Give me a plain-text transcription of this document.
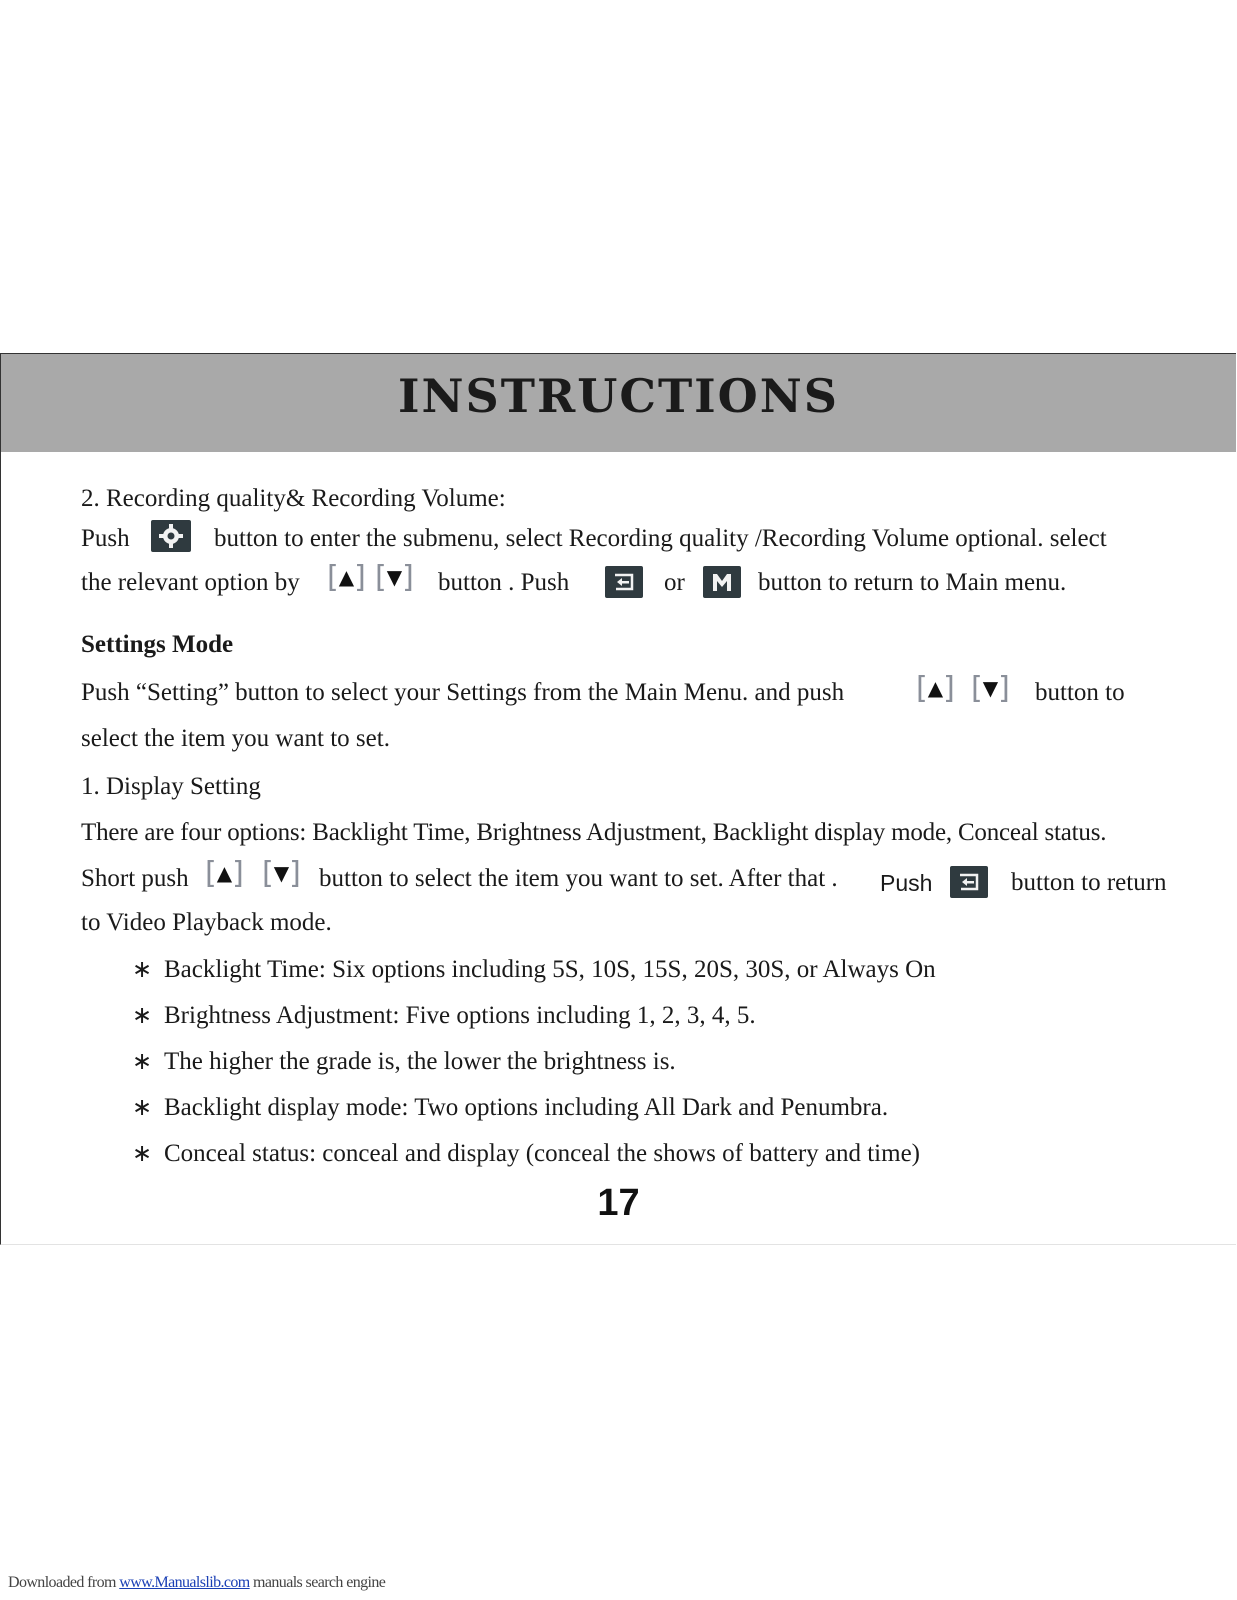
INSTRUCTIONS
2. Recording quality& Recording Volume:
Push	button to enter the submenu, select Recording quality /Recording Volume optional. select
the relevant option by [▲] [▼] button . Push	or	button to return to Main menu.
Settings Mode
Push “Setting” button to select your Settings from the Main Menu. and push [▲] [▼] button to
select the item you want to set.
1. Display Setting
There are four options: Backlight Time, Brightness Adjustment, Backlight display mode, Conceal status.
Short push [▲] [▼] button to select the item you want to set. After that . Push	button to return
to Video Playback mode.
∗ Backlight Time: Six options including 5S, 10S, 15S, 20S, 30S, or Always On
∗ Brightness Adjustment: Five options including 1, 2, 3, 4, 5.
∗ The higher the grade is, the lower the brightness is.
∗ Backlight display mode: Two options including All Dark and Penumbra.
∗ Conceal status: conceal and display (conceal the shows of battery and time)
17
Downloaded from www.Manualslib.com manuals search engine
